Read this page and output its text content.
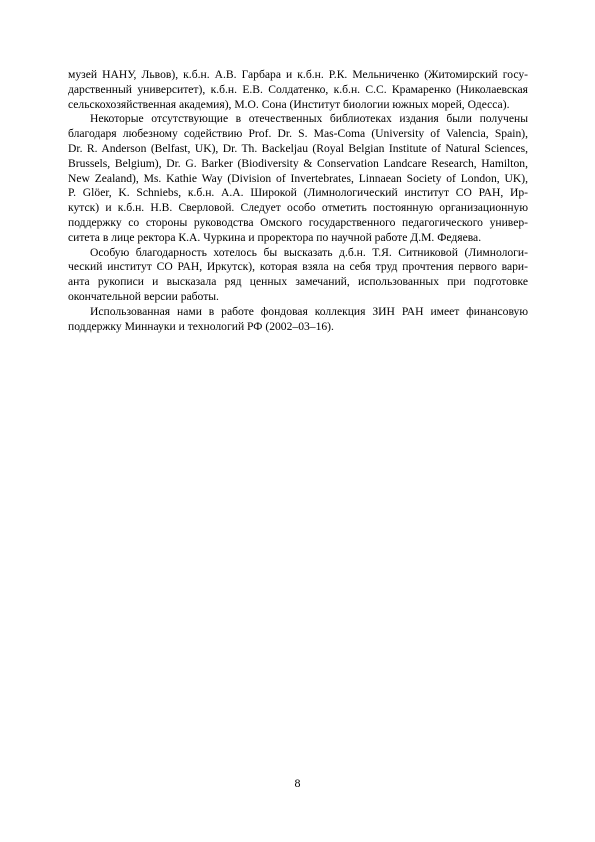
музей НАНУ, Львов), к.б.н. А.В. Гарбара и к.б.н. Р.К. Мельниченко (Житомирский госу-
дарственный университет), к.б.н. Е.В. Солдатенко, к.б.н. С.С. Крамаренко (Николаевская
сельскохозяйственная академия), М.О. Сона (Институт биологии южных морей, Одесса).
Некоторые отсутствующие в отечественных библиотеках издания были получены
благодаря любезному содействию Prof. Dr. S. Mas-Coma (University of Valencia, Spain),
Dr. R. Anderson (Belfast, UK), Dr. Th. Backeljau (Royal Belgian Institute of Natural Sciences,
Brussels, Belgium), Dr. G. Barker (Biodiversity & Conservation Landcare Research, Hamilton,
New Zealand), Ms. Kathie Way (Division of Invertebrates, Linnaean Society of London, UK),
P. Glöer, K. Schniebs, к.б.н. А.А. Широкой (Лимнологический институт СО РАН, Ир-
кутск) и к.б.н. Н.В. Сверловой. Следует особо отметить постоянную организационную
поддержку со стороны руководства Омского государственного педагогического универ-
ситета в лице ректора К.А. Чуркина и проректора по научной работе Д.М. Федяева.
Особую благодарность хотелось бы высказать д.б.н. Т.Я. Ситниковой (Лимнологи-
ческий институт СО РАН, Иркутск), которая взяла на себя труд прочтения первого вари-
анта рукописи и высказала ряд ценных замечаний, использованных при подготовке
окончательной версии работы.
Использованная нами в работе фондовая коллекция ЗИН РАН имеет финансовую
поддержку Миннауки и технологий РФ (2002–03–16).
8
